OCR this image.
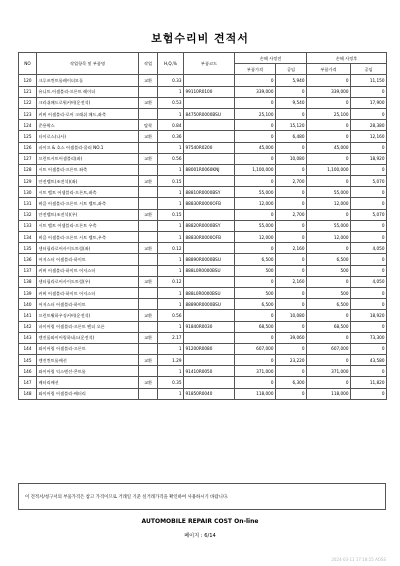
보험수리비 견적서
NO	작업항목 및 부품명	작업	H,Q,%	부품코드	손해 사정전		손해 사정후	
					부품가격	공임	부품가격	공임
120	크루즈컨트롤레이더모듈	교환	0.33		0	5,940	0	11,150
121	유니트.어셈블리-프론트 레이더		1	99110R0100	339,000	0	339,000	0
122	크라쉬패드로워커버(운전석)	교환	0.53		0	9,540	0	17,900
123	커버 어셈블리-로어 크래쉬 패드,좌측		1	84750R0000BSU	25,100	0	25,100	0
124	준용왁스	탈착	0.84		0	15,120	0	28,380
125	타이로스(나사)	교환	0.36		0	6,480	0	12,160
126	파이프 & 호스 어셈블리-쿨러 NO.1		1	97540R0200	45,000	0	45,000	0
127	프런트시트어셈블리(좌)	교환	0.56		0	10,080	0	18,920
128	시트 어셈블리-프론트 좌측		1	88001R0060KNJ	1,100,000	0	1,100,000	0
129	안전벨트(조전석)(좌)	교환	0.15		0	2,700	0	5,070
130	시트 벨트 어셈블리-프론트,좌측		1	88810R0000BSY	55,000	0	55,000	0
131	버클 어셈블리-프론트 시트 벨트,좌측		1	88830R0000OFB	12,000	0	12,000	0
132	안전벨트(조전석)(우)	교환	0.15		0	2,700	0	5,070
133	시트 벨트 어셈블리-프론트 우측		1	88820R0000BSY	55,000	0	55,000	0
134	버클 어셈블리-프론트 시트 벨트,우측		1	88830R0000OFB	12,000	0	12,000	0
135	센터필라로어사이드트림(좌)	교환	0.12		0	2,160	0	4,050
136	어저스터 어셈블리-하이트		1	88890R0000BSU	6,500	0	6,500	0
137	커버 어셈블리-하이트 어저스터		1	888L0R0000BSU	500	0	500	0
138	센터필라로어사이드트림(우)	교환	0.12		0	2,160	0	4,050
139	커버 어셈블리-하이트 어저스터		1	888L0R0000BSU	500	0	500	0
140	어저스터 어셈블리-하이트		1	88890R0000BSU	6,500	0	6,500	0
141	프런트휠하우징커버(운전석)	교환	0.56		0	10,080	0	18,920
142	파이어링 어셈블리-프론트 펜더 오른		1	91840R0030	68,500	0	68,500	0
143	엔진룸와이어링하네스(운전석)	교환	2.17		0	39,060	0	73,300
144	와이어링 어셈블리-프론트		1	91200R0080	607,000	0	607,000	0
145	엔진컨트롤배선	교환	1.29		0	23,220	0	43,580
146	와이어링 익스텐션-콘트롤		1	91410R0050	371,000	0	371,000	0
147	배터리배선	교환	0.35		0	6,300	0	11,820
148	와이어링 어셈블리-배터리		1	91850R0040	118,000	0	118,000	0
이 견적서/청구서의 부품가격은 참고 가격이므로 거래일 기준 실거래가격을 확인하여 사용하시기 바랍니다.
AUTOMOBILE REPAIR COST On-line
페이지 : 6/14
2024-03-11 17:18:15 AOSS
